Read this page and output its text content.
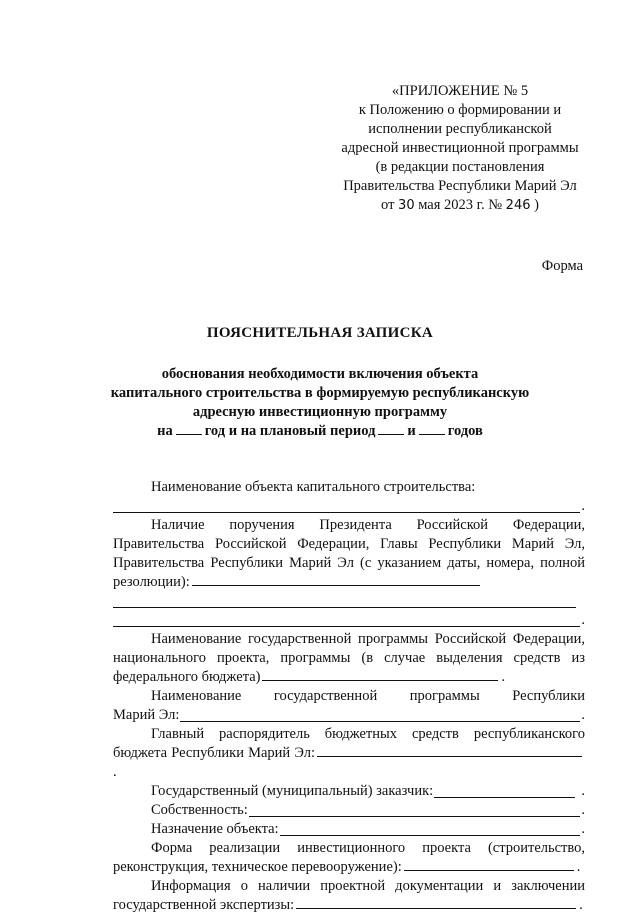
«ПРИЛОЖЕНИЕ № 5
к Положению о формировании и
исполнении республиканской
адресной инвестиционной программы
(в редакции постановления
Правительства Республики Марий Эл
от 30 мая 2023 г. № 246 )
Форма
ПОЯСНИТЕЛЬНАЯ ЗАПИСКА
обоснования необходимости включения объекта
капитального строительства в формируемую республиканскую
адресную инвестиционную программу
на год и на плановый период и годов
Наименование объекта капитального строительства:
.
Наличие поручения Президента Российской Федерации, Правительства Российской Федерации, Главы Республики Марий Эл, Правительства Республики Марий Эл (с указанием даты, номера, полной резолюции):
.
Наименование государственной программы Российской Федерации, национального проекта, программы (в случае выделения средств из федерального бюджета)	.
Наименование государственной программы Республики
Марий Эл:	.
Главный распорядитель бюджетных средств республиканского бюджета Республики Марий Эл:.
Государственный (муниципальный) заказчик:	.
Собственность:	.
Назначение объекта:	.
Форма реализации инвестиционного проекта (строительство, реконструкция, техническое перевооружение):	.
Информация о наличии проектной документации и заключении государственной экспертизы:	.
